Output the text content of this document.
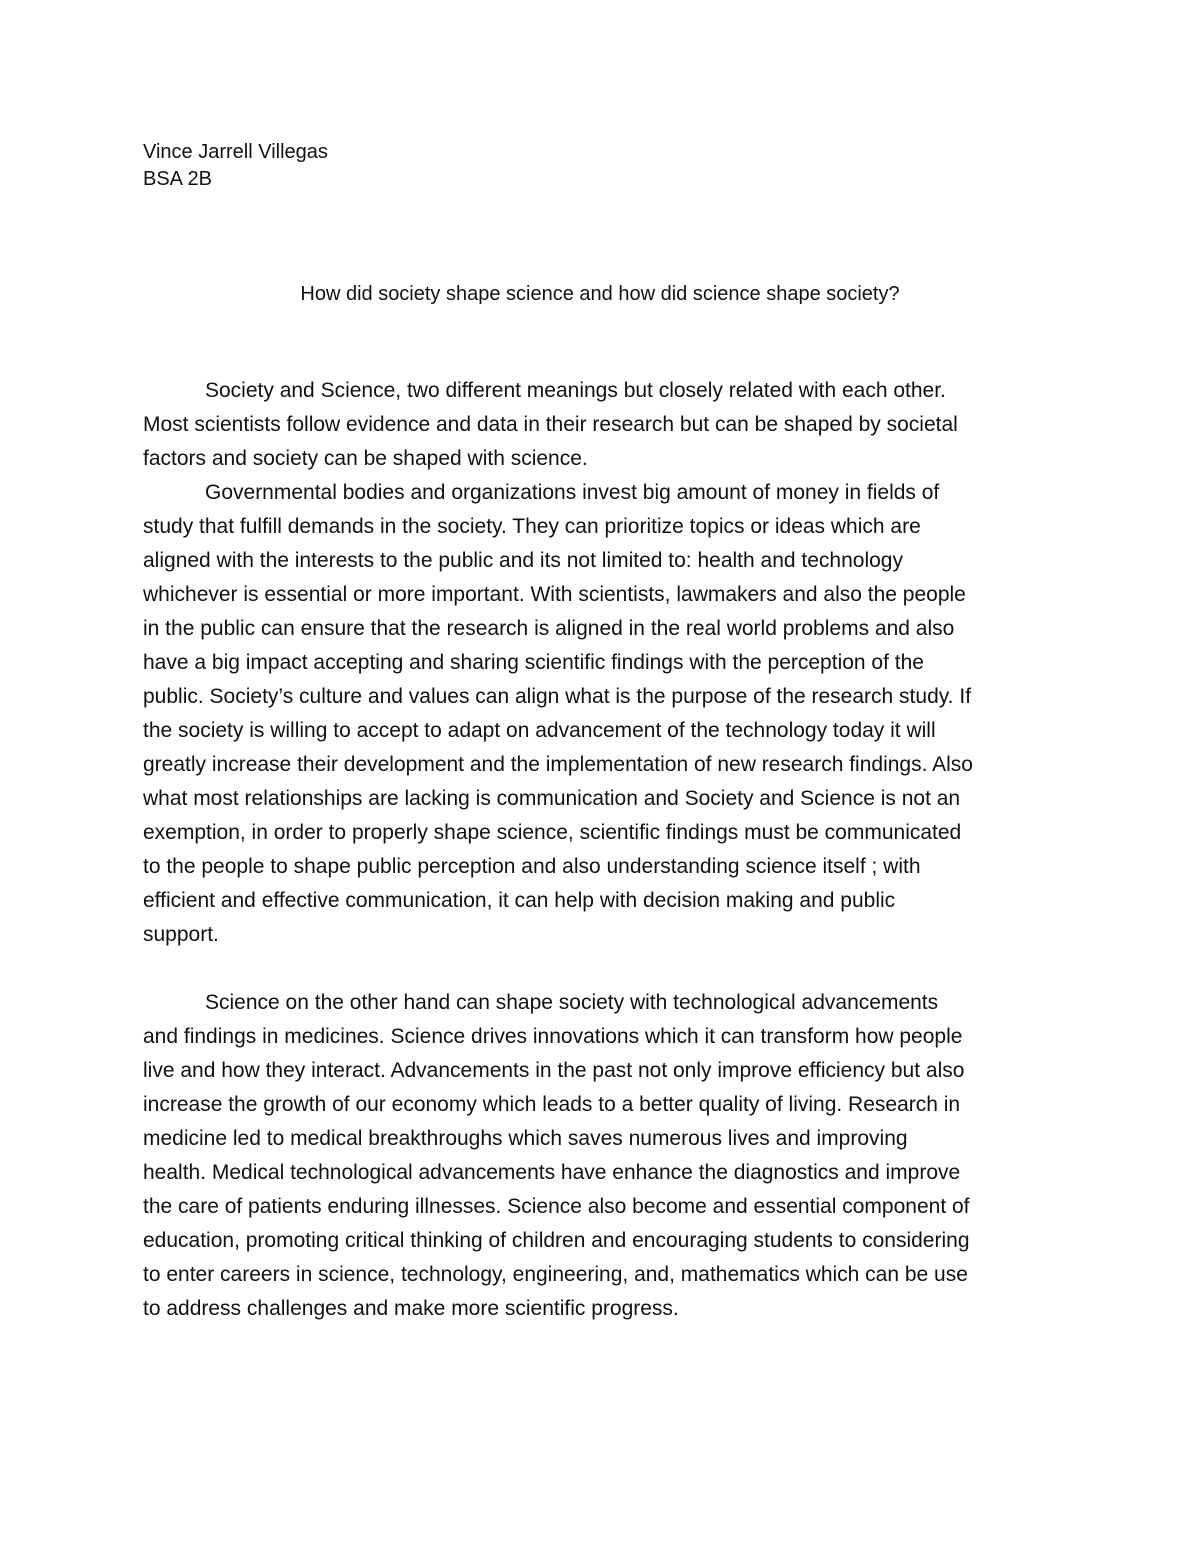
Vince Jarrell Villegas
BSA 2B
How did society shape science and how did science shape society?
Society and Science, two different meanings but closely related with each other.
Most scientists follow evidence and data in their research but can be shaped by societal
factors and society can be shaped with science.
Governmental bodies and organizations invest big amount of money in fields of
study that fulfill demands in the society. They can prioritize topics or ideas which are
aligned with the interests to the public and its not limited to: health and technology
whichever is essential or more important. With scientists, lawmakers and also the people
in the public can ensure that the research is aligned in the real world problems and also
have a big impact accepting and sharing scientific findings with the perception of the
public. Society’s culture and values can align what is the purpose of the research study. If
the society is willing to accept to adapt on advancement of the technology today it will
greatly increase their development and the implementation of new research findings. Also
what most relationships are lacking is communication and Society and Science is not an
exemption, in order to properly shape science, scientific findings must be communicated
to the people to shape public perception and also understanding science itself ; with
efficient and effective communication, it can help with decision making and public
support.
Science on the other hand can shape society with technological advancements
and findings in medicines. Science drives innovations which it can transform how people
live and how they interact. Advancements in the past not only improve efficiency but also
increase the growth of our economy which leads to a better quality of living. Research in
medicine led to medical breakthroughs which saves numerous lives and improving
health. Medical technological advancements have enhance the diagnostics and improve
the care of patients enduring illnesses. Science also become and essential component of
education, promoting critical thinking of children and encouraging students to considering
to enter careers in science, technology, engineering, and, mathematics which can be use
to address challenges and make more scientific progress.
